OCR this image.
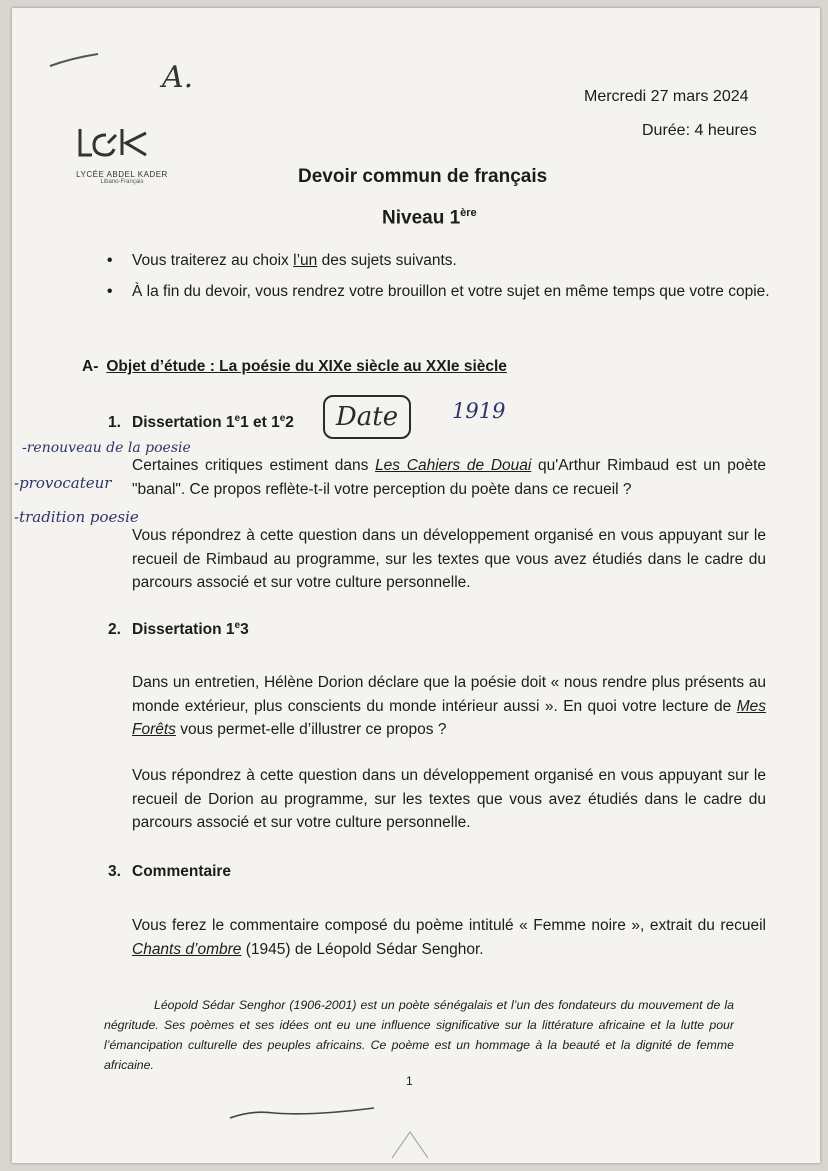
A.
Mercredi 27 mars 2024
Durée: 4 heures
LYCÉE ABDEL KADER
Libano-Français	Devoir commun de français
Niveau 1ère
•	Vous traiterez au choix l’un des sujets suivants.
•	À la fin du devoir, vous rendrez votre brouillon et votre sujet en même temps que votre copie.
A- Objet d’étude : La poésie du XIXe siècle au XXIe siècle
1. Dissertation 1e1 et 1e2	Date	1919
-renouveau de la poesie
-provocateur
-tradition poesie
Certaines critiques estiment dans Les Cahiers de Douai qu'Arthur Rimbaud est un poète "banal". Ce propos reflète-t-il votre perception du poète dans ce recueil ?
Vous répondrez à cette question dans un développement organisé en vous appuyant sur le recueil de Rimbaud au programme, sur les textes que vous avez étudiés dans le cadre du parcours associé et sur votre culture personnelle.
2. Dissertation 1e3
Dans un entretien, Hélène Dorion déclare que la poésie doit « nous rendre plus présents au monde extérieur, plus conscients du monde intérieur aussi ». En quoi votre lecture de Mes Forêts vous permet-elle d’illustrer ce propos ?
Vous répondrez à cette question dans un développement organisé en vous appuyant sur le recueil de Dorion au programme, sur les textes que vous avez étudiés dans le cadre du parcours associé et sur votre culture personnelle.
3. Commentaire
Vous ferez le commentaire composé du poème intitulé « Femme noire », extrait du recueil Chants d’ombre (1945) de Léopold Sédar Senghor.
Léopold Sédar Senghor (1906-2001) est un poète sénégalais et l’un des fondateurs du mouvement de la négritude. Ses poèmes et ses idées ont eu une influence significative sur la littérature africaine et la lutte pour l’émancipation culturelle des peuples africains. Ce poème est un hommage à la beauté et la dignité de femme africaine.
1
